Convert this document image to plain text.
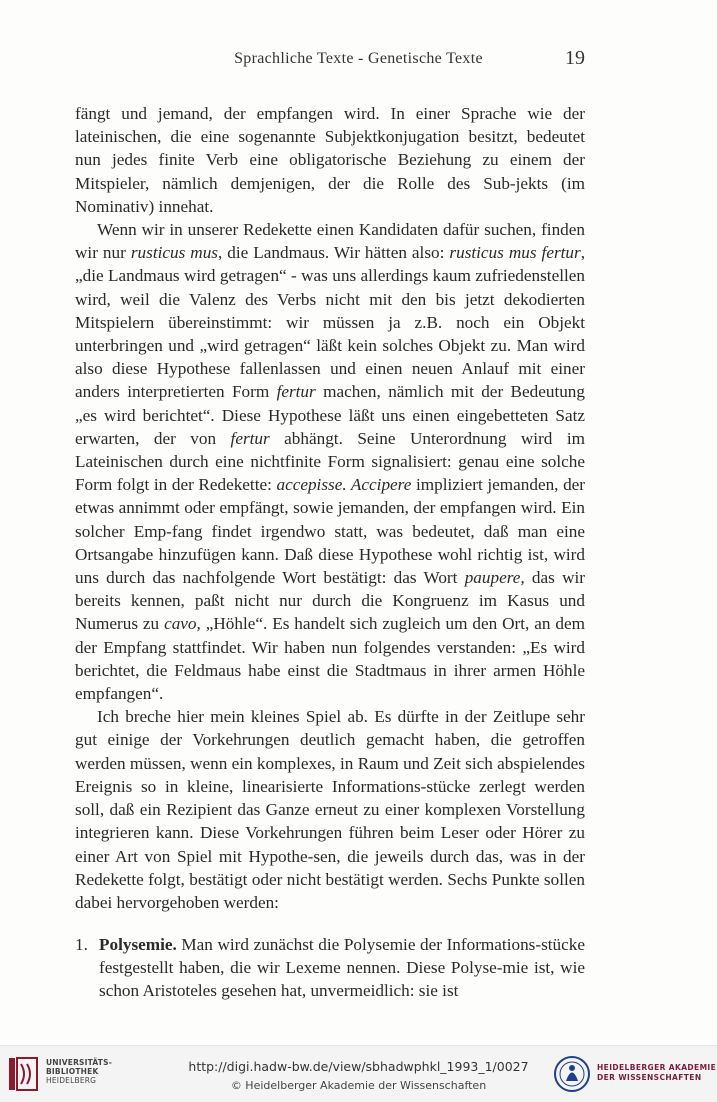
Sprachliche Texte - Genetische Texte	19

fängt und jemand, der empfangen wird. In einer Sprache wie der lateinischen, die eine sogenannte Subjektkonjugation besitzt, bedeutet nun jedes finite Verb eine obligatorische Beziehung zu einem der Mitspieler, nämlich demjenigen, der die Rolle des Sub-jekts (im Nominativ) innehat.

Wenn wir in unserer Redekette einen Kandidaten dafür suchen, finden wir nur rusticus mus, die Landmaus. Wir hätten also: rusticus mus fertur, „die Landmaus wird getragen“ - was uns allerdings kaum zufriedenstellen wird, weil die Valenz des Verbs nicht mit den bis jetzt dekodierten Mitspielern übereinstimmt: wir müssen ja z.B. noch ein Objekt unterbringen und „wird getragen“ läßt kein solches Objekt zu. Man wird also diese Hypothese fallenlassen und einen neuen Anlauf mit einer anders interpretierten Form fertur machen, nämlich mit der Bedeutung „es wird berichtet“. Diese Hypothese läßt uns einen eingebetteten Satz erwarten, der von fertur abhängt. Seine Unterordnung wird im Lateinischen durch eine nichtfinite Form signalisiert: genau eine solche Form folgt in der Redekette: accepisse. Accipere impliziert jemanden, der etwas annimmt oder empfängt, sowie jemanden, der empfangen wird. Ein solcher Emp-fang findet irgendwo statt, was bedeutet, daß man eine Ortsangabe hinzufügen kann. Daß diese Hypothese wohl richtig ist, wird uns durch das nachfolgende Wort bestätigt: das Wort paupere, das wir bereits kennen, paßt nicht nur durch die Kongruenz im Kasus und Numerus zu cavo, „Höhle“. Es handelt sich zugleich um den Ort, an dem der Empfang stattfindet. Wir haben nun folgendes verstanden: „Es wird berichtet, die Feldmaus habe einst die Stadtmaus in ihrer armen Höhle empfangen“.

Ich breche hier mein kleines Spiel ab. Es dürfte in der Zeitlupe sehr gut einige der Vorkehrungen deutlich gemacht haben, die getroffen werden müssen, wenn ein komplexes, in Raum und Zeit sich abspielendes Ereignis so in kleine, linearisierte Informations-stücke zerlegt werden soll, daß ein Rezipient das Ganze erneut zu einer komplexen Vorstellung integrieren kann. Diese Vorkehrungen führen beim Leser oder Hörer zu einer Art von Spiel mit Hypothe-sen, die jeweils durch das, was in der Redekette folgt, bestätigt oder nicht bestätigt werden. Sechs Punkte sollen dabei hervorgehoben werden:

1. Polysemie. Man wird zunächst die Polysemie der Informations-stücke festgestellt haben, die wir Lexeme nennen. Diese Polyse-mie ist, wie schon Aristoteles gesehen hat, unvermeidlich: sie ist
UNIVERSITÄTS-
BIBLIOTHEK
HEIDELBERG
http://digi.hadw-bw.de/view/sbhadwphkl_1993_1/0027
© Heidelberger Akademie der Wissenschaften
HEIDELBERGER AKADEMIE
DER WISSENSCHAFTEN
